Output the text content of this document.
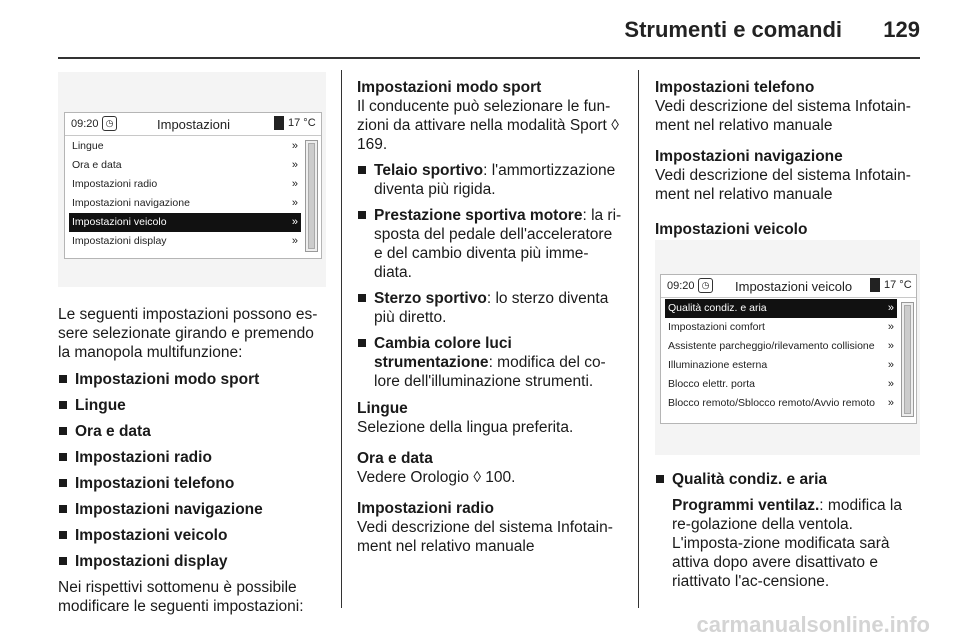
Strumenti e comandi 129
09:20 ◷	Impostazioni	17 °C
Lingue	»
Ora e data	»
Impostazioni radio	»
Impostazioni navigazione	»
Impostazioni veicolo	»
Impostazioni display	»

Le seguenti impostazioni possono es-sere selezionate girando e premendo la manopola multifunzione:

Impostazioni modo sport
Lingue
Ora e data
Impostazioni radio
Impostazioni telefono
Impostazioni navigazione
Impostazioni veicolo
Impostazioni display

Nei rispettivi sottomenu è possibile modificare le seguenti impostazioni:

Impostazioni modo sport

Il conducente può selezionare le fun-zioni da attivare nella modalità Sport ◊ 169.

Telaio sportivo: l'ammortizzazione diventa più rigida.
Prestazione sportiva motore: la ri-sposta del pedale dell'acceleratore e del cambio diventa più imme-diata.
Sterzo sportivo: lo sterzo diventa più diretto.
Cambia colore luci strumentazione: modifica del co-lore dell'illuminazione strumenti.

Lingue

Selezione della lingua preferita.

Ora e data

Vedere Orologio ◊ 100.

Impostazioni radio

Vedi descrizione del sistema Infotain-ment nel relativo manuale

Impostazioni telefono

Vedi descrizione del sistema Infotain-ment nel relativo manuale

Impostazioni navigazione

Vedi descrizione del sistema Infotain-ment nel relativo manuale

Impostazioni veicolo

09:20 ◷ Impostazioni veicolo	17 °C
Qualità condiz. e aria	»
Impostazioni comfort	»
Assistente parcheggio/rilevamento collisione »
Illuminazione esterna	»
Blocco elettr. porta	»
Blocco remoto/Sblocco remoto/Avvio remoto »
Qualità condiz. e aria

Programmi ventilaz.: modifica la re-golazione della ventola. L'imposta-zione modificata sarà attiva dopo avere disattivato e riattivato l'ac-censione.

carmanualsonline.info
